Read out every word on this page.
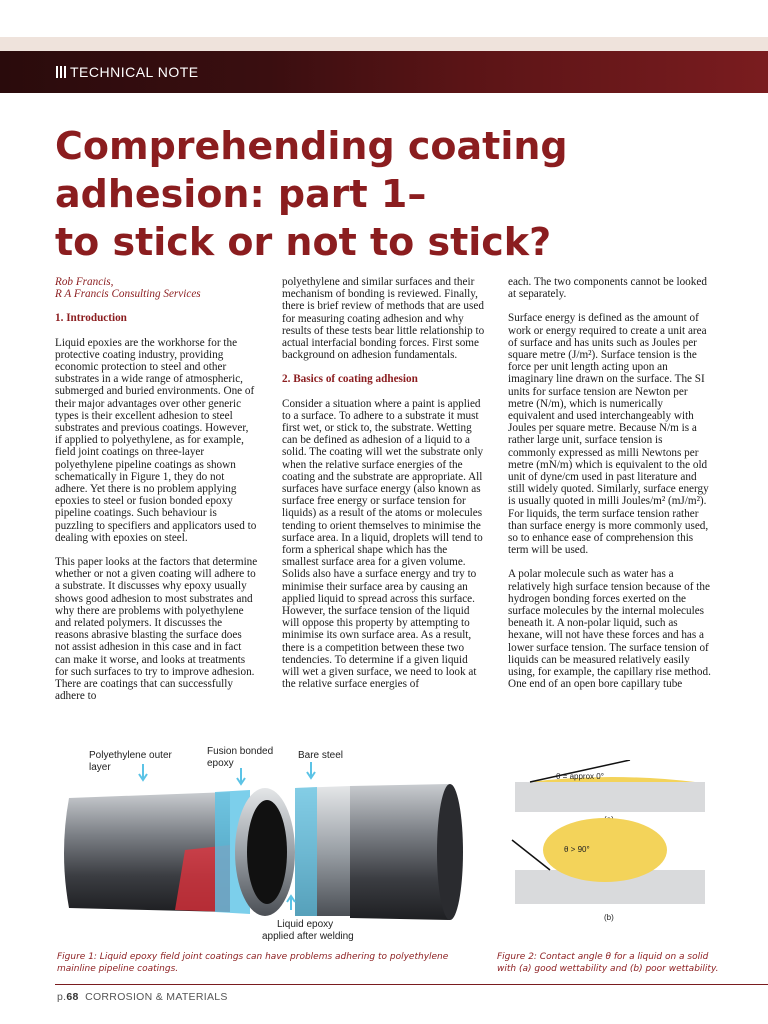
TECHNICAL NOTE
Comprehending coating
adhesion: part 1–
to stick or not to stick?

Rob Francis,
R A Francis Consulting Services

1. Introduction

Liquid epoxies are the workhorse for the protective coating industry, providing economic protection to steel and other substrates in a wide range of atmospheric, submerged and buried environments. One of their major advantages over other generic types is their excellent adhesion to steel substrates and previous coatings. However, if applied to polyethylene, as for example, field joint coatings on three-layer polyethylene pipeline coatings as shown schematically in Figure 1, they do not adhere. Yet there is no problem applying epoxies to steel or fusion bonded epoxy pipeline coatings. Such behaviour is puzzling to specifiers and applicators used to dealing with epoxies on steel.

This paper looks at the factors that determine whether or not a given coating will adhere to a substrate. It discusses why epoxy usually shows good adhesion to most substrates and why there are problems with polyethylene and related polymers. It discusses the reasons abrasive blasting the surface does not assist adhesion in this case and in fact can make it worse, and looks at treatments for such surfaces to try to improve adhesion. There are coatings that can successfully adhere to

polyethylene and similar surfaces and their mechanism of bonding is reviewed. Finally, there is brief review of methods that are used for measuring coating adhesion and why results of these tests bear little relationship to actual interfacial bonding forces. First some background on adhesion fundamentals.

2. Basics of coating adhesion

Consider a situation where a paint is applied to a surface. To adhere to a substrate it must first wet, or stick to, the substrate. Wetting can be defined as adhesion of a liquid to a solid. The coating will wet the substrate only when the relative surface energies of the coating and the substrate are appropriate. All surfaces have surface energy (also known as surface free energy or surface tension for liquids) as a result of the atoms or molecules tending to orient themselves to minimise the surface area. In a liquid, droplets will tend to form a spherical shape which has the smallest surface area for a given volume. Solids also have a surface energy and try to minimise their surface area by causing an applied liquid to spread across this surface. However, the surface tension of the liquid will oppose this property by attempting to minimise its own surface area. As a result, there is a competition between these two tendencies. To determine if a given liquid will wet a given surface, we need to look at the relative surface energies of

each. The two components cannot be looked at separately.

Surface energy is defined as the amount of work or energy required to create a unit area of surface and has units such as Joules per square metre (J/m²). Surface tension is the force per unit length acting upon an imaginary line drawn on the surface. The SI units for surface tension are Newton per metre (N/m), which is numerically equivalent and used interchangeably with Joules per square metre. Because N/m is a rather large unit, surface tension is commonly expressed as milli Newtons per metre (mN/m) which is equivalent to the old unit of dyne/cm used in past literature and still widely quoted. Similarly, surface energy is usually quoted in milli Joules/m² (mJ/m²). For liquids, the term surface tension rather than surface energy is more commonly used, so to enhance ease of comprehension this term will be used.

A polar molecule such as water has a relatively high surface tension because of the hydrogen bonding forces exerted on the surface molecules by the internal molecules beneath it. A non-polar liquid, such as hexane, will not have these forces and has a lower surface tension. The surface tension of liquids can be measured relatively easily using, for example, the capillary rise method. One end of an open bore capillary tube

Polyethylene outer
layer
Fusion bonded
epoxy
Bare steel
Liquid epoxy
applied after welding
θ = approx 0°
θ > 90°
(b)
Figure 1: Liquid epoxy field joint coatings can have problems adhering to polyethylene mainline pipeline coatings.
Figure 2: Contact angle θ for a liquid on a solid with (a) good wettability and (b) poor wettability.
p.68 CORROSION & MATERIALS
